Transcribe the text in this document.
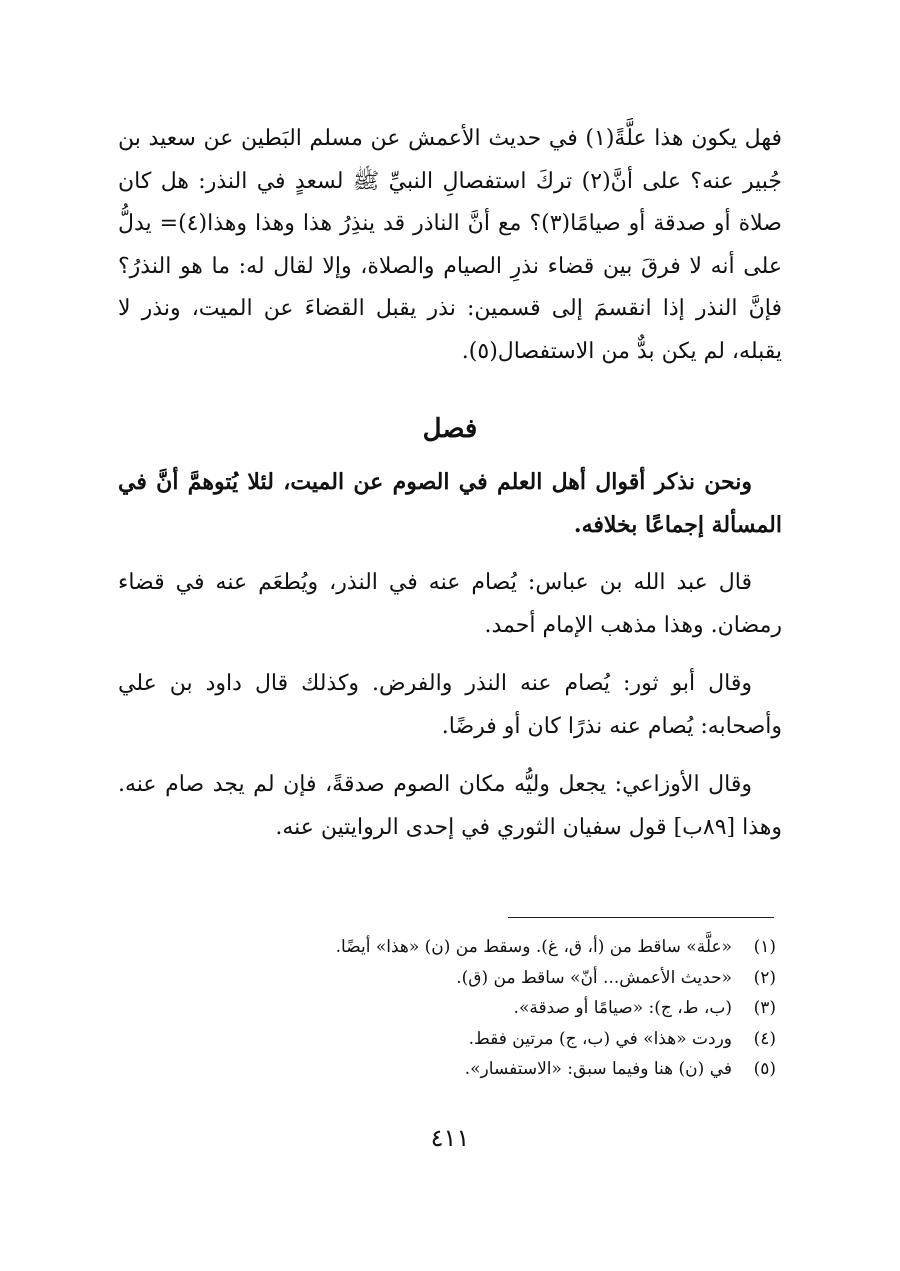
فهل يكون هذا علَّةً(١) في حديث الأعمش عن مسلم البَطين عن سعيد بن جُبير عنه؟ على أنَّ(٢) تركَ استفصالِ النبيِّ ﷺ لسعدٍ في النذر: هل كان صلاة أو صدقة أو صيامًا(٣)؟ مع أنَّ الناذر قد ينذِرُ هذا وهذا وهذا(٤)= يدلُّ على أنه لا فرقَ بين قضاء نذرِ الصيام والصلاة، وإلا لقال له: ما هو النذرُ؟ فإنَّ النذر إذا انقسمَ إلى قسمين: نذر يقبل القضاءَ عن الميت، ونذر لا يقبله، لم يكن بدٌّ من الاستفصال(٥).

فصل

ونحن نذكر أقوال أهل العلم في الصوم عن الميت، لئلا يُتوهمَّ أنَّ في المسألة إجماعًا بخلافه.

قال عبد الله بن عباس: يُصام عنه في النذر، ويُطعَم عنه في قضاء رمضان. وهذا مذهب الإمام أحمد.

وقال أبو ثور: يُصام عنه النذر والفرض. وكذلك قال داود بن علي وأصحابه: يُصام عنه نذرًا كان أو فرضًا.

وقال الأوزاعي: يجعل وليُّه مكان الصوم صدقةً، فإن لم يجد صام عنه. وهذا [٨٩ب] قول سفيان الثوري في إحدى الروايتين عنه.

(١)«علَّة» ساقط من (أ، ق، غ). وسقط من (ن) «هذا» أيضًا.
(٢)«حديث الأعمش... أنّ» ساقط من (ق).
(٣)(ب، ط، ج): «صيامًا أو صدقة».
(٤)وردت «هذا» في (ب، ج) مرتين فقط.
(٥)في (ن) هنا وفيما سبق: «الاستفسار».
٤١١
